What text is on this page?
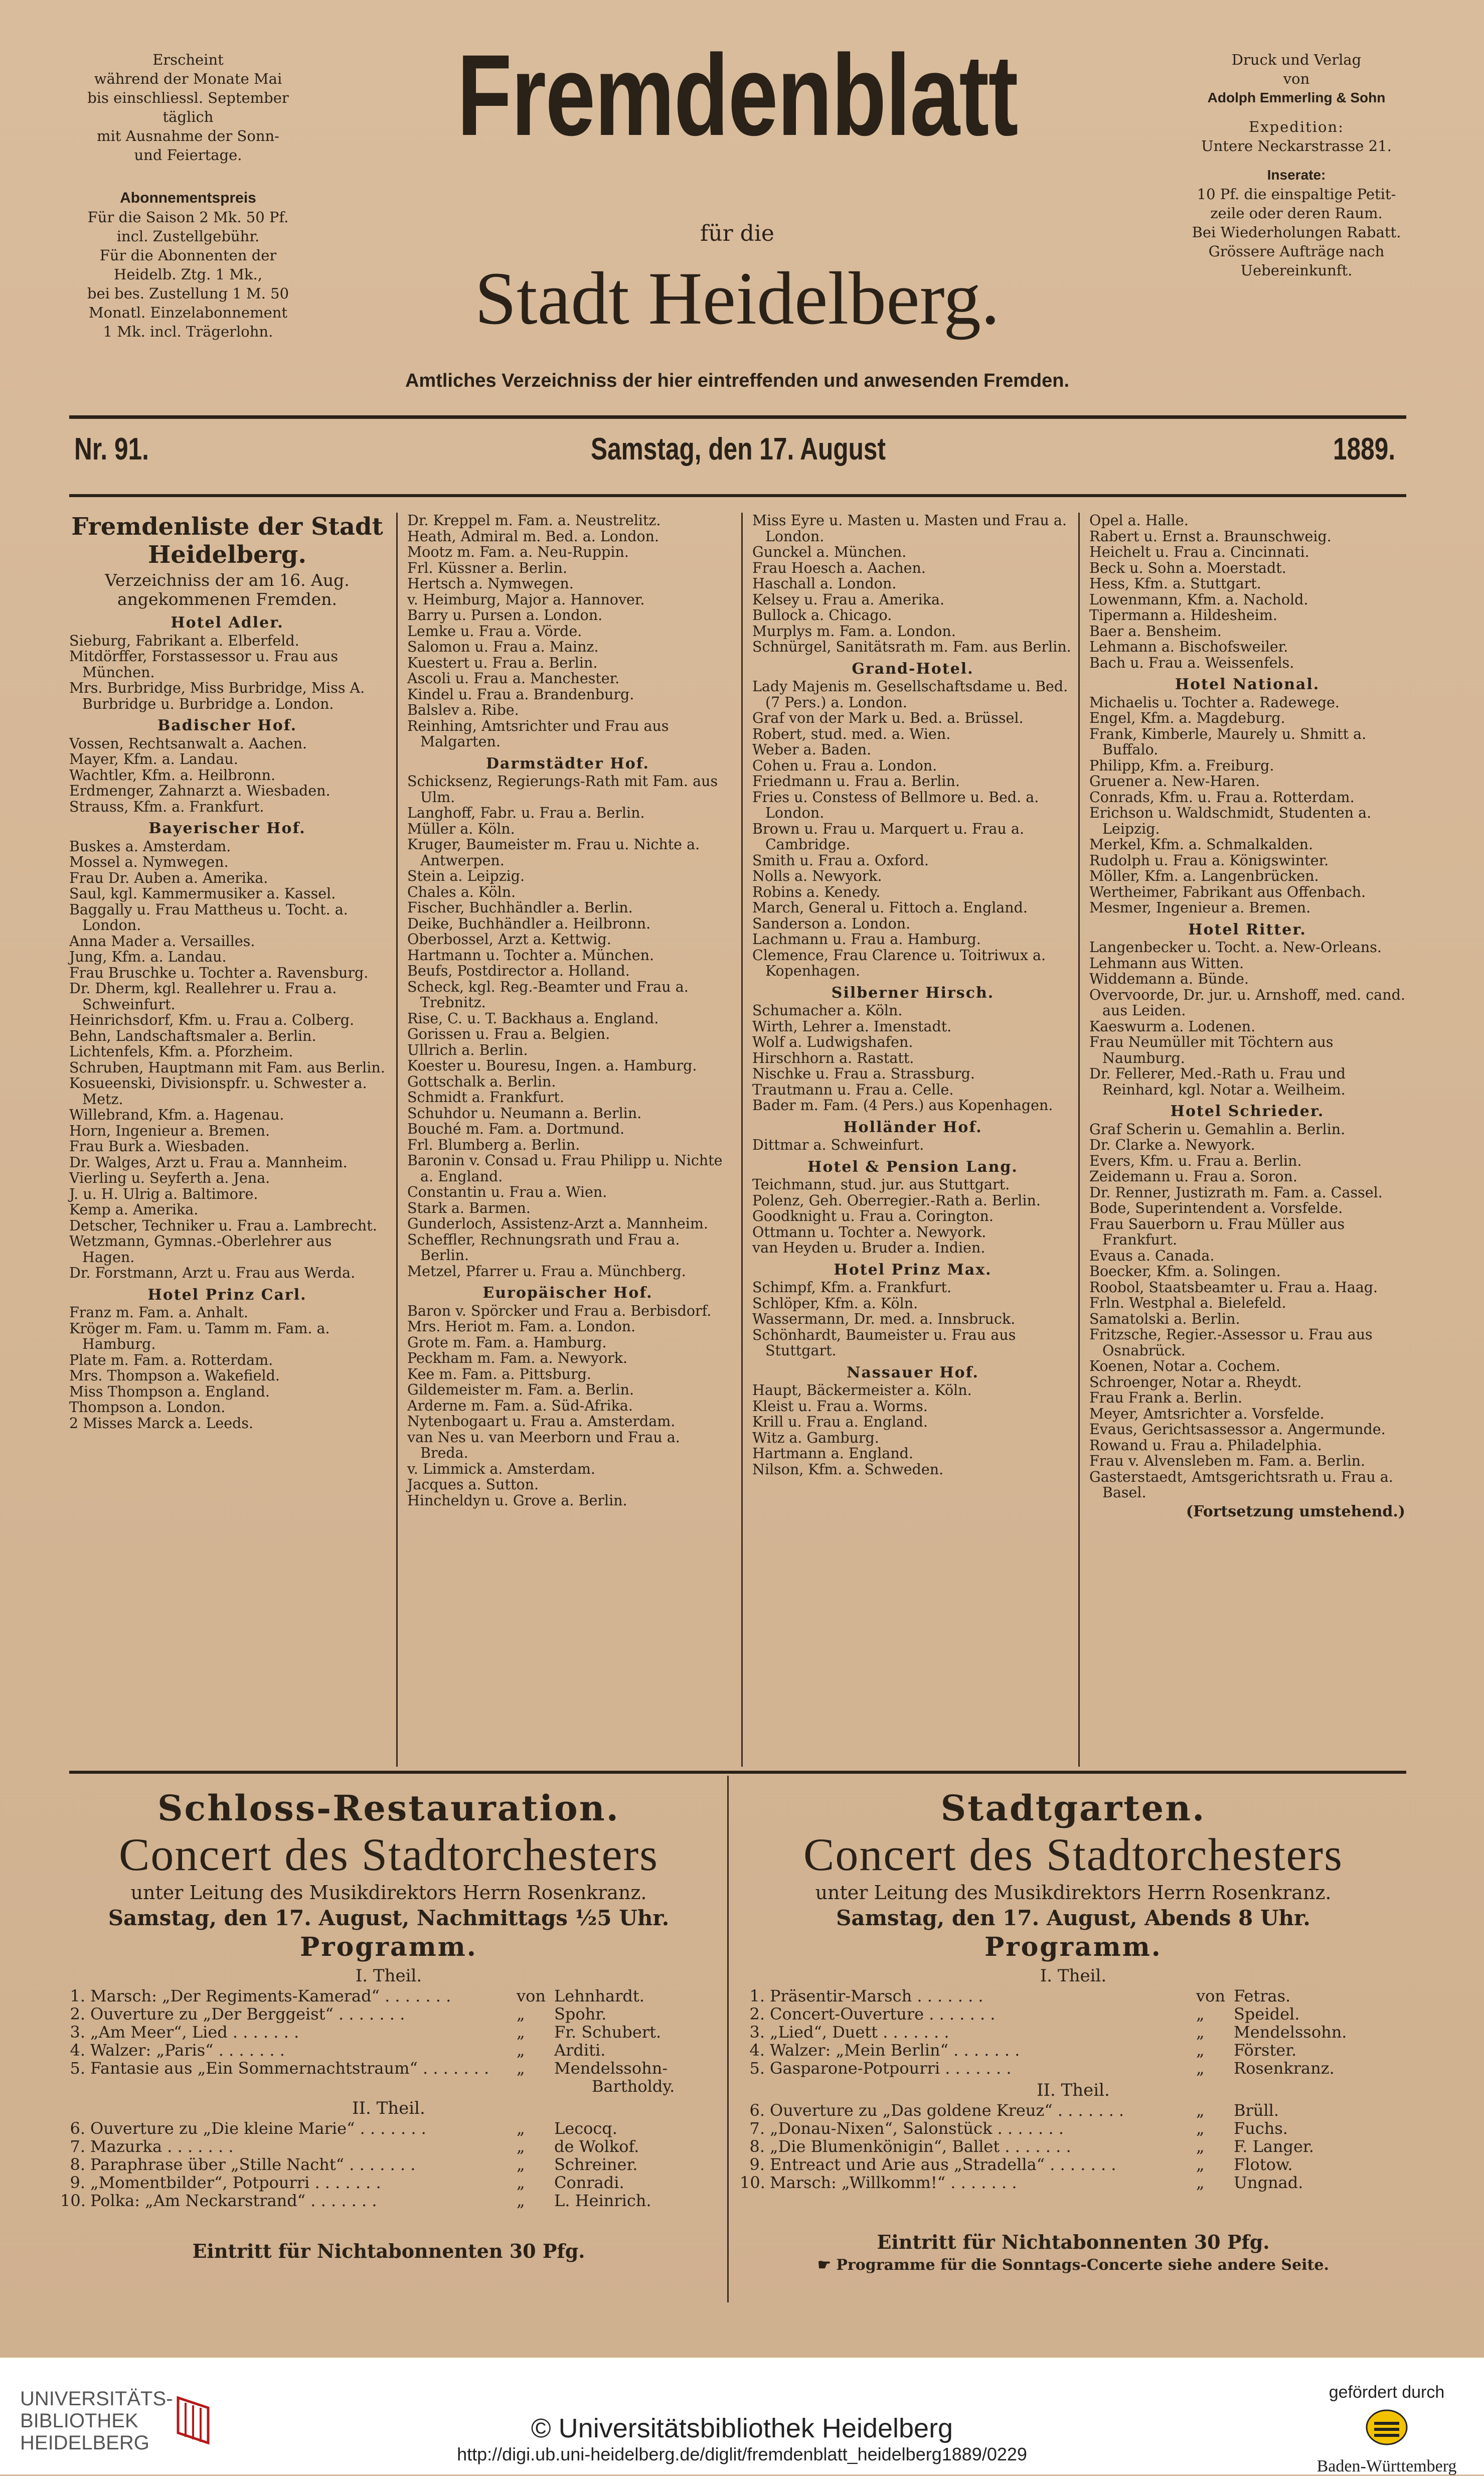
Erscheint
während der Monate Mai
bis einschliessl. September
täglich
mit Ausnahme der Sonn-
und Feiertage.
Abonnementspreis
Für die Saison 2 Mk. 50 Pf.
incl. Zustellgebühr.
Für die Abonnenten der
Heidelb. Ztg. 1 Mk.,
bei bes. Zustellung 1 M. 50
Monatl. Einzelabonnement
1 Mk. incl. Trägerlohn.
Fremdenblatt
für die
Stadt Heidelberg.
Amtliches Verzeichniss der hier eintreffenden und anwesenden Fremden.
Druck und Verlag
von
Adolph Emmerling & Sohn
Expedition:
Untere Neckarstrasse 21.
Inserate:
10 Pf. die einspaltige Petit-
zeile oder deren Raum.
Bei Wiederholungen Rabatt.
Grössere Aufträge nach
Uebereinkunft.
Nr. 91.	Samstag, den 17. August	1889.
Fremdenliste der Stadt Heidelberg.
Verzeichniss der am 16. Aug. angekommenen Fremden.
Hotel Adler.

Sieburg, Fabrikant a. Elberfeld.

Mitdörffer, Forstassessor u. Frau aus München.

Mrs. Burbridge, Miss Burbridge, Miss A. Burbridge u. Burbridge a. London.

Badischer Hof.

Vossen, Rechtsanwalt a. Aachen.

Mayer, Kfm. a. Landau.

Wachtler, Kfm. a. Heilbronn.

Erdmenger, Zahnarzt a. Wiesbaden.

Strauss, Kfm. a. Frankfurt.

Bayerischer Hof.

Buskes a. Amsterdam.

Mossel a. Nymwegen.

Frau Dr. Auben a. Amerika.

Saul, kgl. Kammermusiker a. Kassel.

Baggally u. Frau Mattheus u. Tocht. a. London.

Anna Mader a. Versailles.

Jung, Kfm. a. Landau.

Frau Bruschke u. Tochter a. Ravensburg.

Dr. Dherm, kgl. Reallehrer u. Frau a. Schweinfurt.

Heinrichsdorf, Kfm. u. Frau a. Colberg.

Behn, Landschaftsmaler a. Berlin.

Lichtenfels, Kfm. a. Pforzheim.

Schruben, Hauptmann mit Fam. aus Berlin.

Kosueenski, Divisionspfr. u. Schwester a. Metz.

Willebrand, Kfm. a. Hagenau.

Horn, Ingenieur a. Bremen.

Frau Burk a. Wiesbaden.

Dr. Walges, Arzt u. Frau a. Mannheim.

Vierling u. Seyferth a. Jena.

J. u. H. Ulrig a. Baltimore.

Kemp a. Amerika.

Detscher, Techniker u. Frau a. Lambrecht.

Wetzmann, Gymnas.-Oberlehrer aus Hagen.

Dr. Forstmann, Arzt u. Frau aus Werda.

Hotel Prinz Carl.

Franz m. Fam. a. Anhalt.

Kröger m. Fam. u. Tamm m. Fam. a. Hamburg.

Plate m. Fam. a. Rotterdam.

Mrs. Thompson a. Wakefield.

Miss Thompson a. England.

Thompson a. London.

2 Misses Marck a. Leeds.

Dr. Kreppel m. Fam. a. Neustrelitz.

Heath, Admiral m. Bed. a. London.

Mootz m. Fam. a. Neu-Ruppin.

Frl. Küssner a. Berlin.

Hertsch a. Nymwegen.

v. Heimburg, Major a. Hannover.

Barry u. Pursen a. London.

Lemke u. Frau a. Vörde.

Salomon u. Frau a. Mainz.

Kuestert u. Frau a. Berlin.

Ascoli u. Frau a. Manchester.

Kindel u. Frau a. Brandenburg.

Balslev a. Ribe.

Reinhing, Amtsrichter und Frau aus Malgarten.

Darmstädter Hof.

Schicksenz, Regierungs-Rath mit Fam. aus Ulm.

Langhoff, Fabr. u. Frau a. Berlin.

Müller a. Köln.

Kruger, Baumeister m. Frau u. Nichte a. Antwerpen.

Stein a. Leipzig.

Chales a. Köln.

Fischer, Buchhändler a. Berlin.

Deike, Buchhändler a. Heilbronn.

Oberbossel, Arzt a. Kettwig.

Hartmann u. Tochter a. München.

Beufs, Postdirector a. Holland.

Scheck, kgl. Reg.-Beamter und Frau a. Trebnitz.

Rise, C. u. T. Backhaus a. England.

Gorissen u. Frau a. Belgien.

Ullrich a. Berlin.

Koester u. Bouresu, Ingen. a. Hamburg.

Gottschalk a. Berlin.

Schmidt a. Frankfurt.

Schuhdor u. Neumann a. Berlin.

Bouché m. Fam. a. Dortmund.

Frl. Blumberg a. Berlin.

Baronin v. Consad u. Frau Philipp u. Nichte a. England.

Constantin u. Frau a. Wien.

Stark a. Barmen.

Gunderloch, Assistenz-Arzt a. Mannheim.

Scheffler, Rechnungsrath und Frau a. Berlin.

Metzel, Pfarrer u. Frau a. Münchberg.

Europäischer Hof.

Baron v. Spörcker und Frau a. Berbisdorf.

Mrs. Heriot m. Fam. a. London.

Grote m. Fam. a. Hamburg.

Peckham m. Fam. a. Newyork.

Kee m. Fam. a. Pittsburg.

Gildemeister m. Fam. a. Berlin.

Arderne m. Fam. a. Süd-Afrika.

Nytenbogaart u. Frau a. Amsterdam.

van Nes u. van Meerborn und Frau a. Breda.

v. Limmick a. Amsterdam.

Jacques a. Sutton.

Hincheldyn u. Grove a. Berlin.

Miss Eyre u. Masten u. Masten und Frau a. London.

Gunckel a. München.

Frau Hoesch a. Aachen.

Haschall a. London.

Kelsey u. Frau a. Amerika.

Bullock a. Chicago.

Murplys m. Fam. a. London.

Schnürgel, Sanitätsrath m. Fam. aus Berlin.

Grand-Hotel.

Lady Majenis m. Gesellschaftsdame u. Bed. (7 Pers.) a. London.

Graf von der Mark u. Bed. a. Brüssel.

Robert, stud. med. a. Wien.

Weber a. Baden.

Cohen u. Frau a. London.

Friedmann u. Frau a. Berlin.

Fries u. Constess of Bellmore u. Bed. a. London.

Brown u. Frau u. Marquert u. Frau a. Cambridge.

Smith u. Frau a. Oxford.

Nolls a. Newyork.

Robins a. Kenedy.

March, General u. Fittoch a. England.

Sanderson a. London.

Lachmann u. Frau a. Hamburg.

Clemence, Frau Clarence u. Toitriwux a. Kopenhagen.

Silberner Hirsch.

Schumacher a. Köln.

Wirth, Lehrer a. Imenstadt.

Wolf a. Ludwigshafen.

Hirschhorn a. Rastatt.

Nischke u. Frau a. Strassburg.

Trautmann u. Frau a. Celle.

Bader m. Fam. (4 Pers.) aus Kopenhagen.

Holländer Hof.

Dittmar a. Schweinfurt.

Hotel & Pension Lang.

Teichmann, stud. jur. aus Stuttgart.

Polenz, Geh. Oberregier.-Rath a. Berlin.

Goodknight u. Frau a. Corington.

Ottmann u. Tochter a. Newyork.

van Heyden u. Bruder a. Indien.

Hotel Prinz Max.

Schimpf, Kfm. a. Frankfurt.

Schlöper, Kfm. a. Köln.

Wassermann, Dr. med. a. Innsbruck.

Schönhardt, Baumeister u. Frau aus Stuttgart.

Nassauer Hof.

Haupt, Bäckermeister a. Köln.

Kleist u. Frau a. Worms.

Krill u. Frau a. England.

Witz a. Gamburg.

Hartmann a. England.

Nilson, Kfm. a. Schweden.

Opel a. Halle.

Rabert u. Ernst a. Braunschweig.

Heichelt u. Frau a. Cincinnati.

Beck u. Sohn a. Moerstadt.

Hess, Kfm. a. Stuttgart.

Lowenmann, Kfm. a. Nachold.

Tipermann a. Hildesheim.

Baer a. Bensheim.

Lehmann a. Bischofsweiler.

Bach u. Frau a. Weissenfels.

Hotel National.

Michaelis u. Tochter a. Radewege.

Engel, Kfm. a. Magdeburg.

Frank, Kimberle, Maurely u. Shmitt a. Buffalo.

Philipp, Kfm. a. Freiburg.

Gruener a. New-Haren.

Conrads, Kfm. u. Frau a. Rotterdam.

Erichson u. Waldschmidt, Studenten a. Leipzig.

Merkel, Kfm. a. Schmalkalden.

Rudolph u. Frau a. Königswinter.

Möller, Kfm. a. Langenbrücken.

Wertheimer, Fabrikant aus Offenbach.

Mesmer, Ingenieur a. Bremen.

Hotel Ritter.

Langenbecker u. Tocht. a. New-Orleans.

Lehmann aus Witten.

Widdemann a. Bünde.

Overvoorde, Dr. jur. u. Arnshoff, med. cand. aus Leiden.

Kaeswurm a. Lodenen.

Frau Neumüller mit Töchtern aus Naumburg.

Dr. Fellerer, Med.-Rath u. Frau und Reinhard, kgl. Notar a. Weilheim.

Hotel Schrieder.

Graf Scherin u. Gemahlin a. Berlin.

Dr. Clarke a. Newyork.

Evers, Kfm. u. Frau a. Berlin.

Zeidemann u. Frau a. Soron.

Dr. Renner, Justizrath m. Fam. a. Cassel.

Bode, Superintendent a. Vorsfelde.

Frau Sauerborn u. Frau Müller aus Frankfurt.

Evaus a. Canada.

Boecker, Kfm. a. Solingen.

Roobol, Staatsbeamter u. Frau a. Haag.

Frln. Westphal a. Bielefeld.

Samatolski a. Berlin.

Fritzsche, Regier.-Assessor u. Frau aus Osnabrück.

Koenen, Notar a. Cochem.

Schroenger, Notar a. Rheydt.

Frau Frank a. Berlin.

Meyer, Amtsrichter a. Vorsfelde.

Evaus, Gerichtsassessor a. Angermunde.

Rowand u. Frau a. Philadelphia.

Frau v. Alvensleben m. Fam. a. Berlin.

Gasterstaedt, Amtsgerichtsrath u. Frau a. Basel.

(Fortsetzung umstehend.)
Schloss-Restauration.
Concert des Stadtorchesters
unter Leitung des Musikdirektors Herrn Rosenkranz.
Samstag, den 17. August, Nachmittags ½5 Uhr.
Programm.
I. Theil.
1. Marsch: „Der Regiments-Kamerad“ . . . . . . .	von Lehnhardt.
2. Ouverture zu „Der Berggeist“ . . . . . . .	„ Spohr.
3. „Am Meer“, Lied . . . . . . .	„ Fr. Schubert.
4. Walzer: „Paris“ . . . . . . .	„ Arditi.
5. Fantasie aus „Ein Sommernachtstraum“ . . . . . . . „ Mendelssohn-
Bartholdy.
II. Theil.
6. Ouverture zu „Die kleine Marie“ . . . . . . .	„ Lecocq.
7. Mazurka . . . . . . .	„ de Wolkof.
8. Paraphrase über „Stille Nacht“ . . . . . . .	„ Schreiner.
9. „Momentbilder“, Potpourri . . . . . . .	„ Conradi.
10. Polka: „Am Neckarstrand“ . . . . . . .	„ L. Heinrich.
Eintritt für Nichtabonnenten 30 Pfg.
Stadtgarten.
Concert des Stadtorchesters
unter Leitung des Musikdirektors Herrn Rosenkranz.
Samstag, den 17. August, Abends 8 Uhr.
Programm.
I. Theil.
1. Präsentir-Marsch . . . . . . .	von Fetras.
2. Concert-Ouverture . . . . . . .	„ Speidel.
3. „Lied“, Duett . . . . . . .	„ Mendelssohn.
4. Walzer: „Mein Berlin“ . . . . . . .	„ Förster.
5. Gasparone-Potpourri . . . . . . .	„ Rosenkranz.
II. Theil.
6. Ouverture zu „Das goldene Kreuz“ . . . . . . .	„ Brüll.
7. „Donau-Nixen“, Salonstück . . . . . . .	„ Fuchs.
8. „Die Blumenkönigin“, Ballet . . . . . . .	„ F. Langer.
9. Entreact und Arie aus „Stradella“ . . . . . . .	„ Flotow.
10. Marsch: „Willkomm!“ . . . . . . .	„ Ungnad.
Eintritt für Nichtabonnenten 30 Pfg.
☛ Programme für die Sonntags-Concerte siehe andere Seite.
UNIVERSITÄTS-
BIBLIOTHEK
HEIDELBERG	© Universitätsbibliothek Heidelberg
http://digi.ub.uni-heidelberg.de/diglit/fremdenblatt_heidelberg1889/0229
gefördert durch
Baden-Württemberg
